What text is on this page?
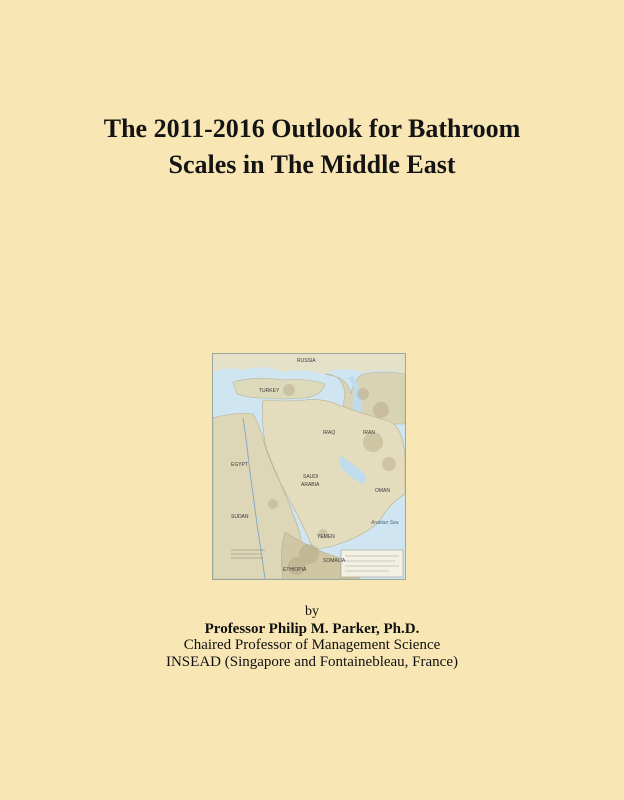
The 2011-2016 Outlook for Bathroom
Scales in The Middle East
RUSSIA
TURKEY
IRAQ	IRAN
EGYPT
SAUDI
ARABIA
SUDAN
YEMEN
OMAN
ETHIOPIA
SOMALIA
Arabian Sea
by
Professor Philip M. Parker, Ph.D.
Chaired Professor of Management Science
INSEAD (Singapore and Fontainebleau, France)
